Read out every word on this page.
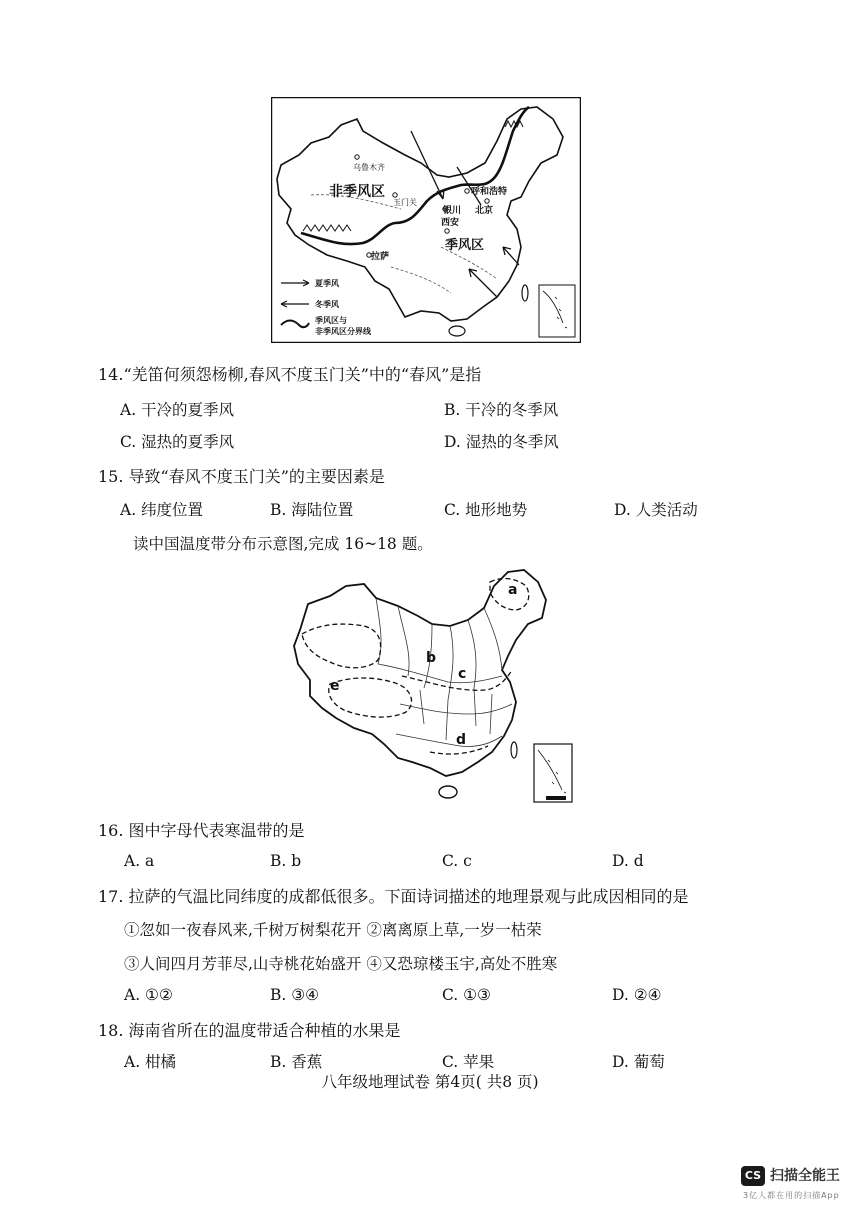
乌鲁木齐
非季风区
玉门关
呼和浩特
北京
银川
西安
季风区
拉萨
夏季风
冬季风
季风区与
非季风区分界线
14.“羌笛何须怨杨柳,春风不度玉门关”中的“春风”是指
A. 干冷的夏季风	B. 干冷的冬季风
C. 湿热的夏季风	D. 湿热的冬季风
15. 导致“春风不度玉门关”的主要因素是
A. 纬度位置	B. 海陆位置	C. 地形地势	D. 人类活动
读中国温度带分布示意图,完成 16~18 题。
a
b
c
d
e
16. 图中字母代表寒温带的是
A. a	B. b	C. c	D. d
17. 拉萨的气温比同纬度的成都低很多。下面诗词描述的地理景观与此成因相同的是
①忽如一夜春风来,千树万树梨花开 ②离离原上草,一岁一枯荣
③人间四月芳菲尽,山寺桃花始盛开 ④又恐琼楼玉宇,高处不胜寒
A. ①②	B. ③④	C. ①③	D. ②④
18. 海南省所在的温度带适合种植的水果是
A. 柑橘	B. 香蕉	C. 苹果	D. 葡萄
八年级地理试卷 第4页( 共8 页)
CS 扫描全能王
3亿人都在用的扫描App
